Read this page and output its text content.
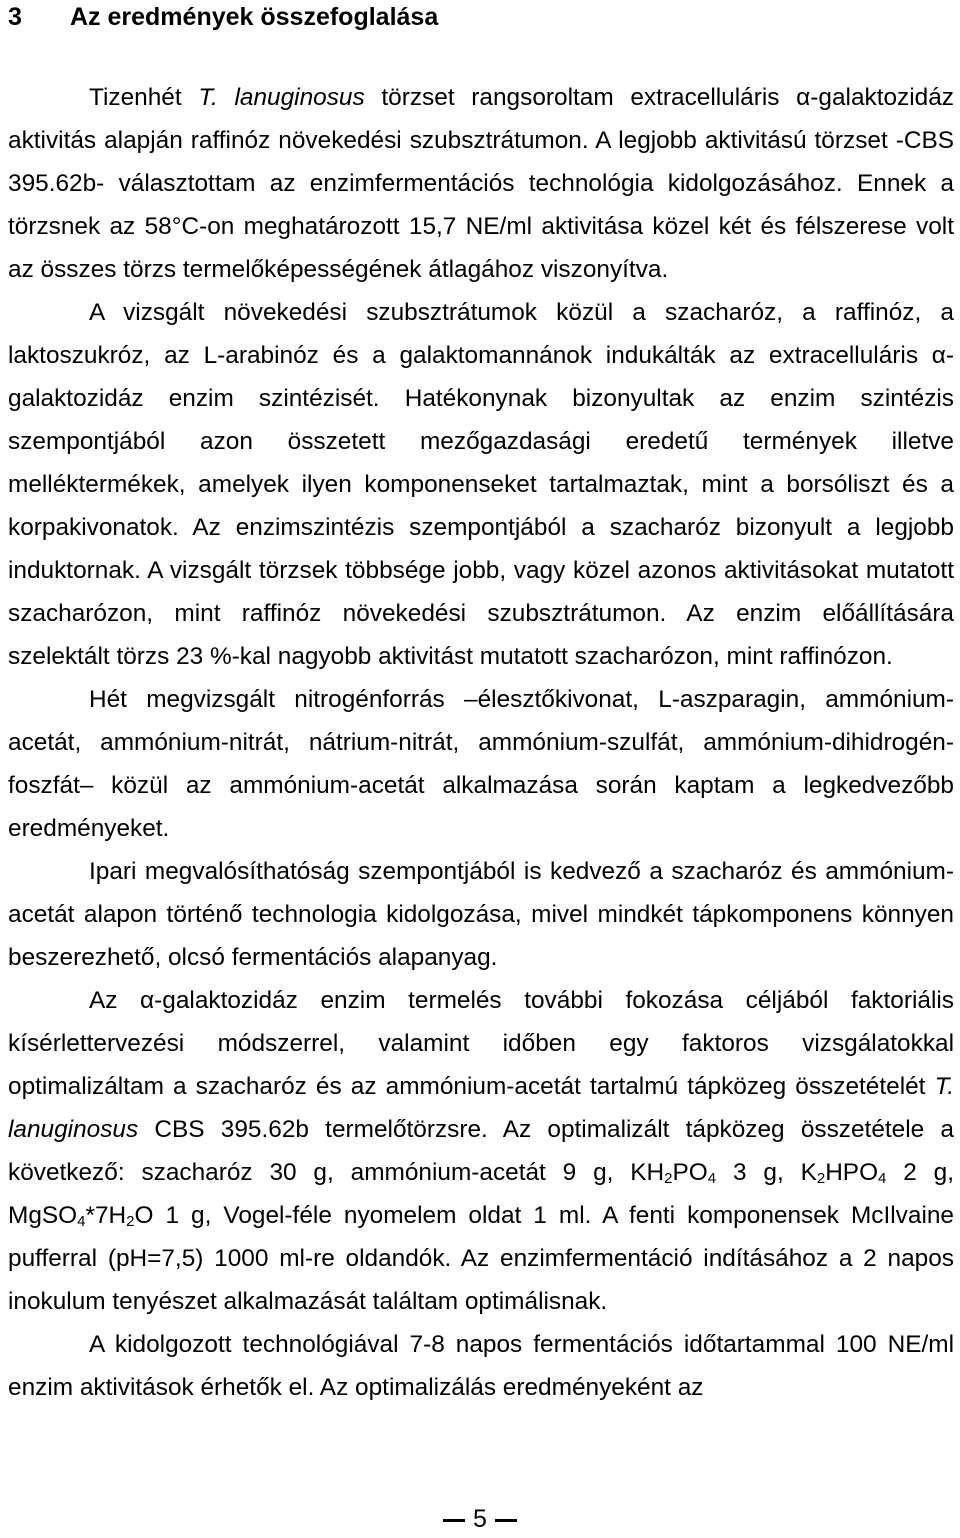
3 Az eredmények összefoglalása

Tizenhét T. lanuginosus törzset rangsoroltam extracelluláris α-galaktozidáz aktivitás alapján raffinóz növekedési szubsztrátumon. A legjobb aktivitású törzset -CBS 395.62b- választottam az enzimfermentációs technológia kidolgozásához. Ennek a törzsnek az 58°C-on meghatározott 15,7 NE/ml aktivitása közel két és félszerese volt az összes törzs termelőképességének átlagához viszonyítva.

A vizsgált növekedési szubsztrátumok közül a szacharóz, a raffinóz, a laktoszukróz, az L-arabinóz és a galaktomannánok indukálták az extracelluláris α-galaktozidáz enzim szintézisét. Hatékonynak bizonyultak az enzim szintézis szempontjából azon összetett mezőgazdasági eredetű termények illetve melléktermékek, amelyek ilyen komponenseket tartalmaztak, mint a borsóliszt és a korpakivonatok. Az enzimszintézis szempontjából a szacharóz bizonyult a legjobb induktornak. A vizsgált törzsek többsége jobb, vagy közel azonos aktivitásokat mutatott szacharózon, mint raffinóz növekedési szubsztrátumon. Az enzim előállítására szelektált törzs 23 %-kal nagyobb aktivitást mutatott szacharózon, mint raffinózon.

Hét megvizsgált nitrogénforrás –élesztőkivonat, L-aszparagin, ammónium-acetát, ammónium-nitrát, nátrium-nitrát, ammónium-szulfát, ammónium-dihidrogén-foszfát– közül az ammónium-acetát alkalmazása során kaptam a legkedvezőbb eredményeket.

Ipari megvalósíthatóság szempontjából is kedvező a szacharóz és ammónium-acetát alapon történő technologia kidolgozása, mivel mindkét tápkomponens könnyen beszerezhető, olcsó fermentációs alapanyag.

Az α-galaktozidáz enzim termelés további fokozása céljából faktoriális kísérlettervezési módszerrel, valamint időben egy faktoros vizsgálatokkal optimalizáltam a szacharóz és az ammónium-acetát tartalmú tápközeg összetételét T. lanuginosus CBS 395.62b termelőtörzsre. Az optimalizált tápközeg összetétele a következő: szacharóz 30 g, ammónium-acetát 9 g, $KH_2PO_4$ 3 g, $K_2HPO_4$ 2 g, $MgSO_4*7H_2O$ 1 g, Vogel-féle nyomelem oldat 1 ml. A fenti komponensek McIlvaine pufferral (pH=7,5) 1000 ml-re oldandók. Az enzimfermentáció indításához a 2 napos inokulum tenyészet alkalmazását találtam optimálisnak.

A kidolgozott technológiával 7-8 napos fermentációs időtartammal 100 NE/ml enzim aktivitások érhetők el. Az optimalizálás eredményeként az

5
